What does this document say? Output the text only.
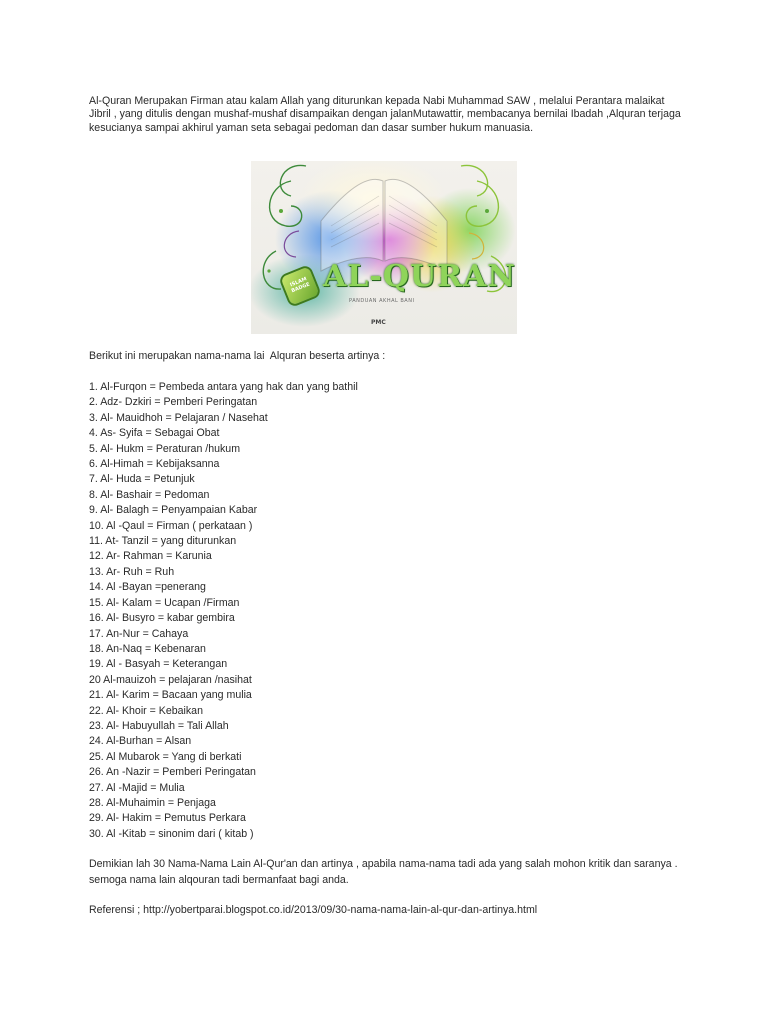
Al-Quran Merupakan Firman atau kalam Allah yang diturunkan kepada Nabi Muhammad SAW , melalui Perantara malaikat Jibril , yang ditulis dengan mushaf-mushaf disampaikan dengan jalanMutawattir, membacanya bernilai Ibadah ,Alquran terjaga kesucianya sampai akhirul yaman seta sebagai pedoman dan dasar sumber hukum manuasia.

ISLAM BADGE AL-QURAN
PANDUAN AKHAL BANI
PMC

Berikut ini merupakan nama-nama lai  Alquran beserta artinya :

1. Al-Furqon = Pembeda antara yang hak dan yang bathil
2. Adz- Dzkiri = Pemberi Peringatan
3. Al- Mauidhoh = Pelajaran / Nasehat
4. As- Syifa = Sebagai Obat
5. Al- Hukm = Peraturan /hukum
6. Al-Himah = Kebijaksanna
7. Al- Huda = Petunjuk
8. Al- Bashair = Pedoman
9. Al- Balagh = Penyampaian Kabar
10. Al -Qaul = Firman ( perkataan )
11. At- Tanzil = yang diturunkan
12. Ar- Rahman = Karunia
13. Ar- Ruh = Ruh
14. Al -Bayan =penerang
15. Al- Kalam = Ucapan /Firman
16. Al- Busyro = kabar gembira
17. An-Nur = Cahaya
18. An-Naq = Kebenaran
19. Al - Basyah = Keterangan
20 Al-mauizoh = pelajaran /nasihat
21. Al- Karim = Bacaan yang mulia
22. Al- Khoir = Kebaikan
23. Al- Habuyullah = Tali Allah
24. Al-Burhan = Alsan
25. Al Mubarok = Yang di berkati
26. An -Nazir = Pemberi Peringatan
27. Al -Majid = Mulia
28. Al-Muhaimin = Penjaga
29. Al- Hakim = Pemutus Perkara
30. Al -Kitab = sinonim dari ( kitab )

Demikian lah 30 Nama-Nama Lain Al-Qur'an dan artinya , apabila nama-nama tadi ada yang salah mohon kritik dan saranya . semoga nama lain alqouran tadi bermanfaat bagi anda.

Referensi ; http://yobertparai.blogspot.co.id/2013/09/30-nama-nama-lain-al-qur-dan-artinya.html
